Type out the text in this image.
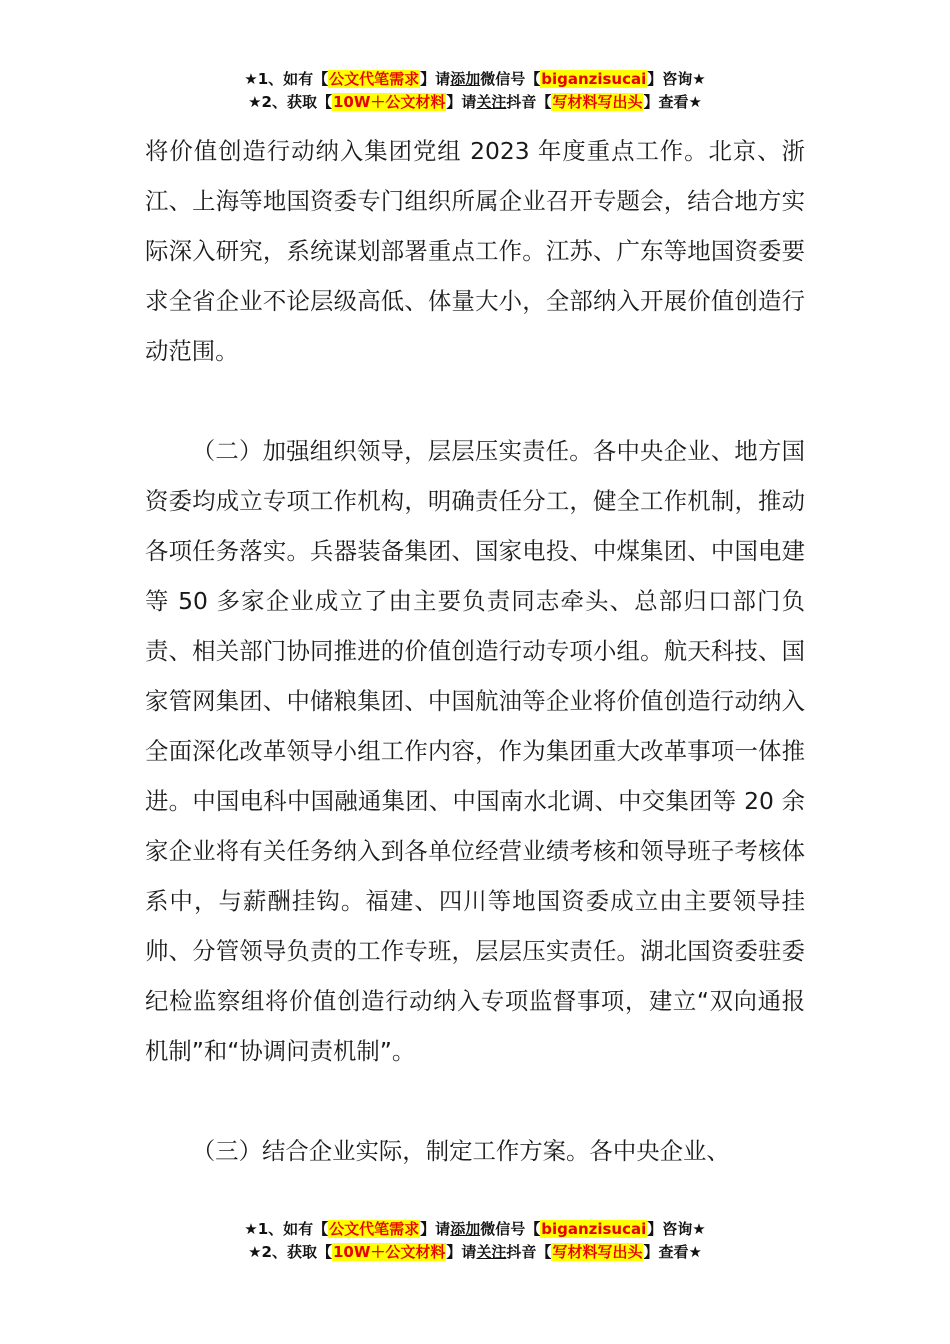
★1、如有【公文代笔需求】请添加微信号【biganzisucai】咨询★
★2、获取【10W＋公文材料】请关注抖音【写材料写出头】查看★

将价值创造行动纳入集团党组 2023 年度重点工作。北京、浙江、上海等地国资委专门组织所属企业召开专题会，结合地方实际深入研究，系统谋划部署重点工作。江苏、广东等地国资委要求全省企业不论层级高低、体量大小，全部纳入开展价值创造行动范围。

（二）加强组织领导，层层压实责任。各中央企业、地方国资委均成立专项工作机构，明确责任分工，健全工作机制，推动各项任务落实。兵器装备集团、国家电投、中煤集团、中国电建等 50 多家企业成立了由主要负责同志牵头、总部归口部门负责、相关部门协同推进的价值创造行动专项小组。航天科技、国家管网集团、中储粮集团、中国航油等企业将价值创造行动纳入全面深化改革领导小组工作内容，作为集团重大改革事项一体推进。中国电科中国融通集团、中国南水北调、中交集团等 20 余家企业将有关任务纳入到各单位经营业绩考核和领导班子考核体系中，与薪酬挂钩。福建、四川等地国资委成立由主要领导挂帅、分管领导负责的工作专班，层层压实责任。湖北国资委驻委纪检监察组将价值创造行动纳入专项监督事项，建立“双向通报机制”和“协调问责机制”。

（三）结合企业实际，制定工作方案。各中央企业、

★1、如有【公文代笔需求】请添加微信号【biganzisucai】咨询★
★2、获取【10W＋公文材料】请关注抖音【写材料写出头】查看★
